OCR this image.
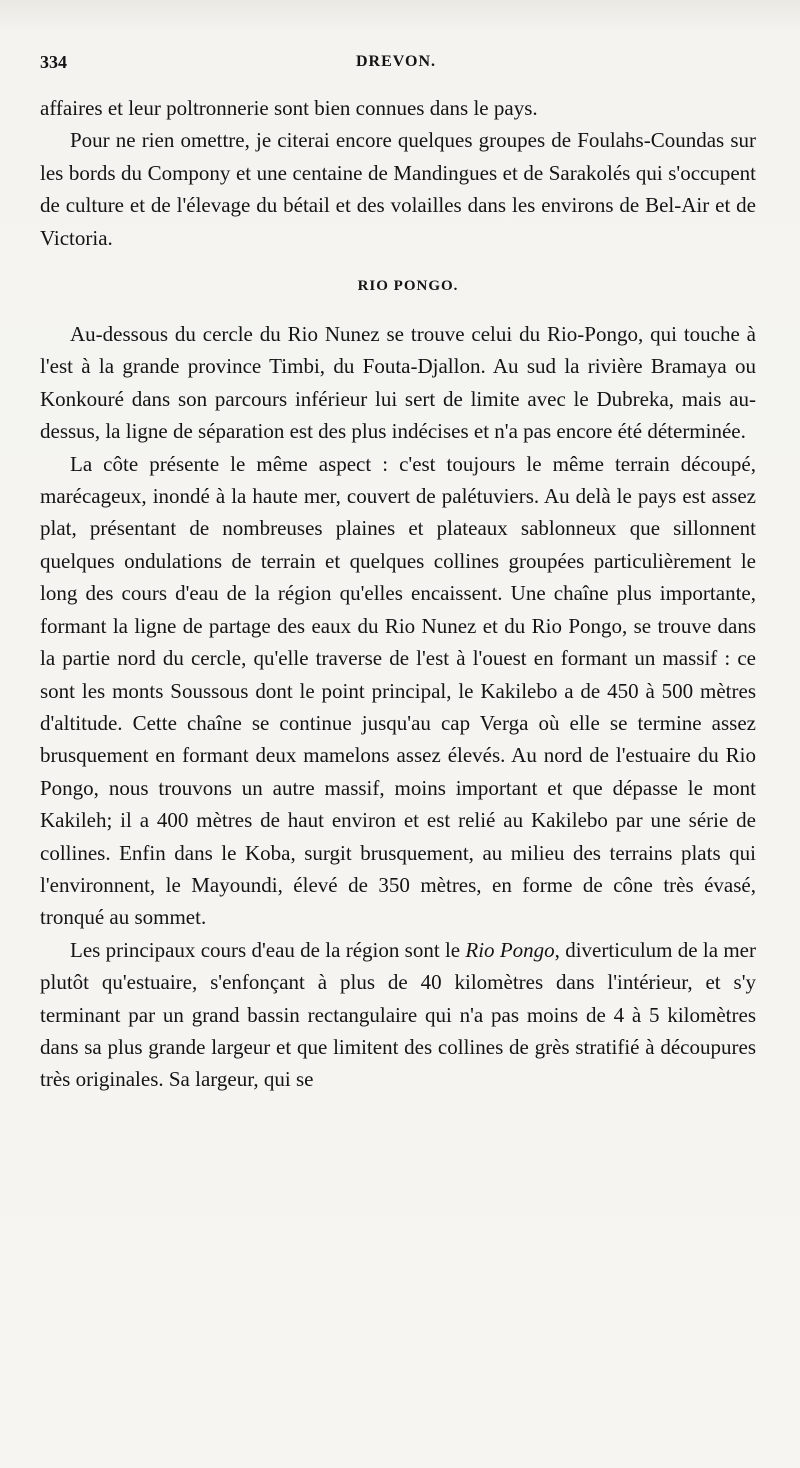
334	DREVON.

affaires et leur poltronnerie sont bien connues dans le pays.

Pour ne rien omettre, je citerai encore quelques groupes de Foulahs-Coundas sur les bords du Compony et une centaine de Mandingues et de Sarakolés qui s'occupent de culture et de l'élevage du bétail et des volailles dans les environs de Bel-Air et de Victoria.

RIO PONGO.

Au-dessous du cercle du Rio Nunez se trouve celui du Rio-Pongo, qui touche à l'est à la grande province Timbi, du Fouta-Djallon. Au sud la rivière Bramaya ou Konkouré dans son parcours inférieur lui sert de limite avec le Dubreka, mais au-dessus, la ligne de séparation est des plus indécises et n'a pas encore été déterminée.

La côte présente le même aspect : c'est toujours le même terrain découpé, marécageux, inondé à la haute mer, couvert de palétuviers. Au delà le pays est assez plat, présentant de nombreuses plaines et plateaux sablonneux que sillonnent quelques ondulations de terrain et quelques collines groupées particulièrement le long des cours d'eau de la région qu'elles encaissent. Une chaîne plus importante, formant la ligne de partage des eaux du Rio Nunez et du Rio Pongo, se trouve dans la partie nord du cercle, qu'elle traverse de l'est à l'ouest en formant un massif : ce sont les monts Soussous dont le point principal, le Kakilebo a de 450 à 500 mètres d'altitude. Cette chaîne se continue jusqu'au cap Verga où elle se termine assez brusquement en formant deux mamelons assez élevés. Au nord de l'estuaire du Rio Pongo, nous trouvons un autre massif, moins important et que dépasse le mont Kakileh; il a 400 mètres de haut environ et est relié au Kakilebo par une série de collines. Enfin dans le Koba, surgit brusquement, au milieu des terrains plats qui l'environnent, le Mayoundi, élevé de 350 mètres, en forme de cône très évasé, tronqué au sommet.

Les principaux cours d'eau de la région sont le Rio Pongo, diverticulum de la mer plutôt qu'estuaire, s'enfonçant à plus de 40 kilomètres dans l'intérieur, et s'y terminant par un grand bassin rectangulaire qui n'a pas moins de 4 à 5 kilomètres dans sa plus grande largeur et que limitent des collines de grès stratifié à découpures très originales. Sa largeur, qui se
